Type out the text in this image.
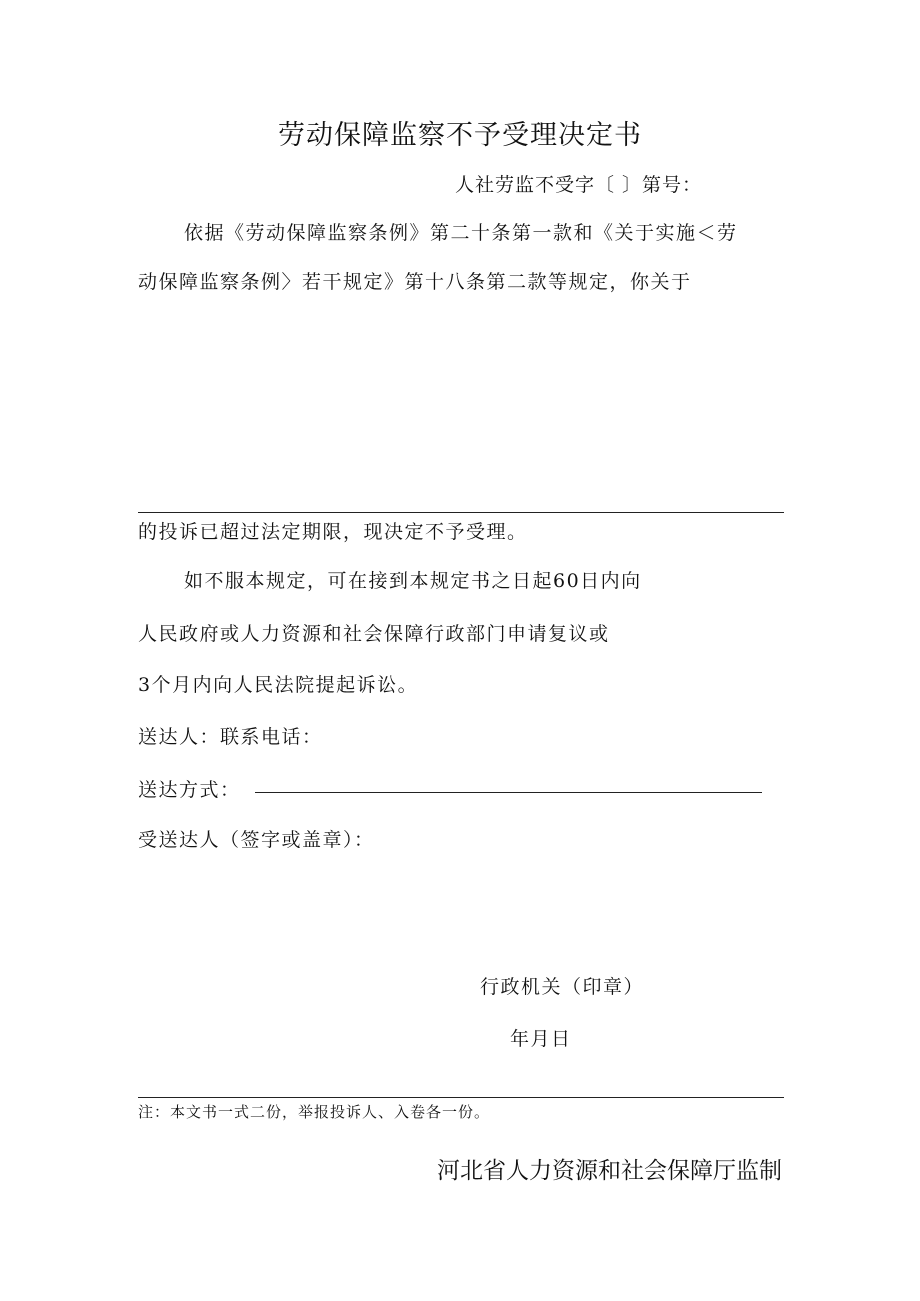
劳动保障监察不予受理决定书
人社劳监不受字〔 〕第号：
依据《劳动保障监察条例》第二十条第一款和《关于实施＜劳
动保障监察条例〉若干规定》第十八条第二款等规定，你关于
的投诉已超过法定期限，现决定不予受理。
如不服本规定，可在接到本规定书之日起60日内向
人民政府或人力资源和社会保障行政部门申请复议或
3个月内向人民法院提起诉讼。
送达人：联系电话：
送达方式：
受送达人（签字或盖章）：
行政机关（印章）
年月日
注：本文书一式二份，举报投诉人、入卷各一份。
河北省人力资源和社会保障厅监制
